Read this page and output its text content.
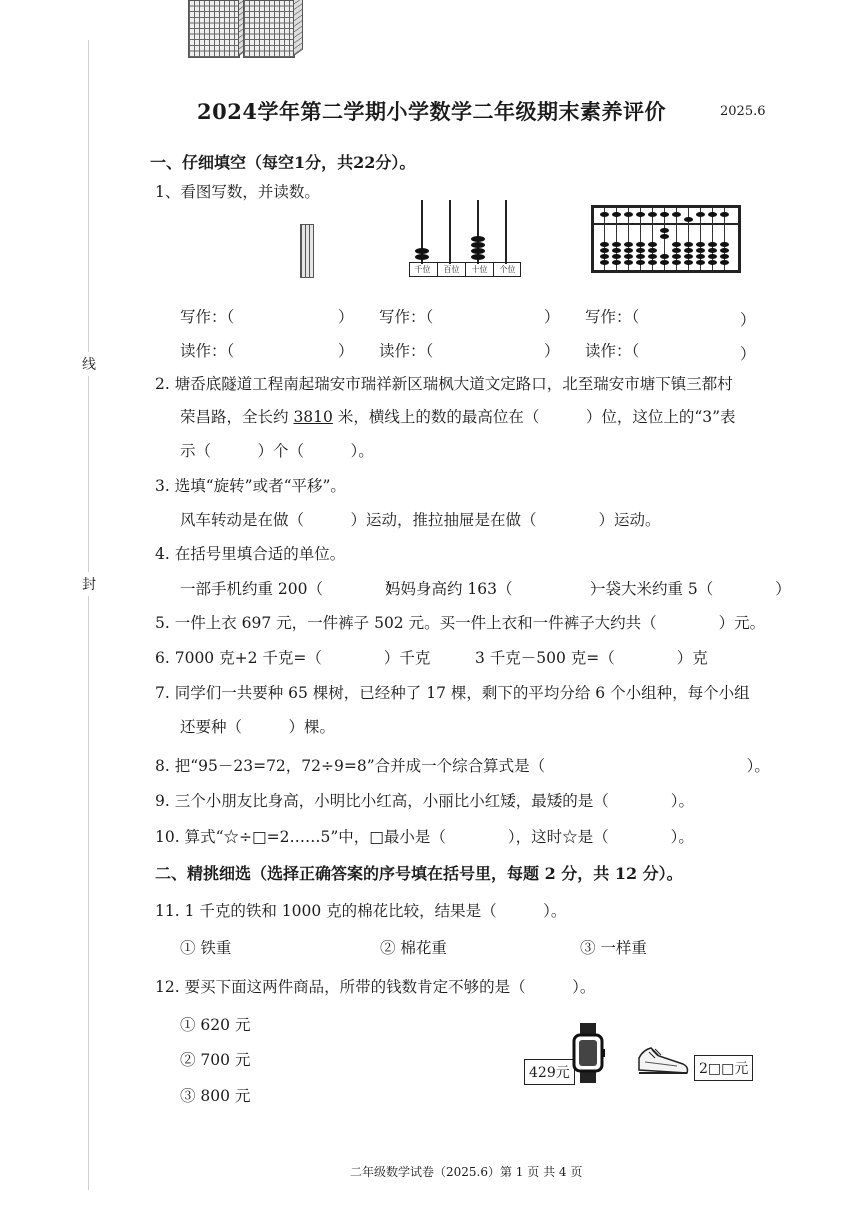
线
封
2024学年第二学期小学数学二年级期末素养评价	2025.6
一、仔细填空（每空1分，共22分）。
1、看图写数，并读数。
千位	百位	十位	个位
写作：（	） 写作：（	） 写作：（	）
读作：（	） 读作：（	） 读作：（	）
2. 塘岙底隧道工程南起瑞安市瑞祥新区瑞枫大道文定路口，北至瑞安市塘下镇三都村
荣昌路，全长约 3810 米，横线上的数的最高位在（　　　）位，这位上的“3”表
示（　　　）个（　　　）。
3. 选填“旋转”或者“平移”。
风车转动是在做（　　　）运动，推拉抽屉是在做（　　　　）运动。
4. 在括号里填合适的单位。
一部手机约重 200（　　　　）
妈妈身高约 163（　　　　　）
一袋大米约重 5（　　　　）
5. 一件上衣 697 元，一件裤子 502 元。买一件上衣和一件裤子大约共（　　　　）元。
6. 7000 克+2 千克=（　　　　）千克	3 千克－500 克=（　　　　）克
7. 同学们一共要种 65 棵树，已经种了 17 棵，剩下的平均分给 6 个小组种，每个小组
还要种（　　　）棵。
8. 把“95－23=72，72÷9=8”合并成一个综合算式是（　　　　　　　　　　　　　）。
9. 三个小朋友比身高，小明比小红高，小丽比小红矮，最矮的是（　　　　）。
10. 算式“☆÷□=2……5”中，□最小是（　　　　），这时☆是（　　　　）。
二、精挑细选（选择正确答案的序号填在括号里，每题 2 分，共 12 分）。
11. 1 千克的铁和 1000 克的棉花比较，结果是（　　　）。
① 铁重	② 棉花重	③ 一样重
12. 要买下面这两件商品，所带的钱数肯定不够的是（　　　）。
① 620 元
② 700 元
③ 800 元
429元	2□□元
二年级数学试卷（2025.6）第 1 页 共 4 页
